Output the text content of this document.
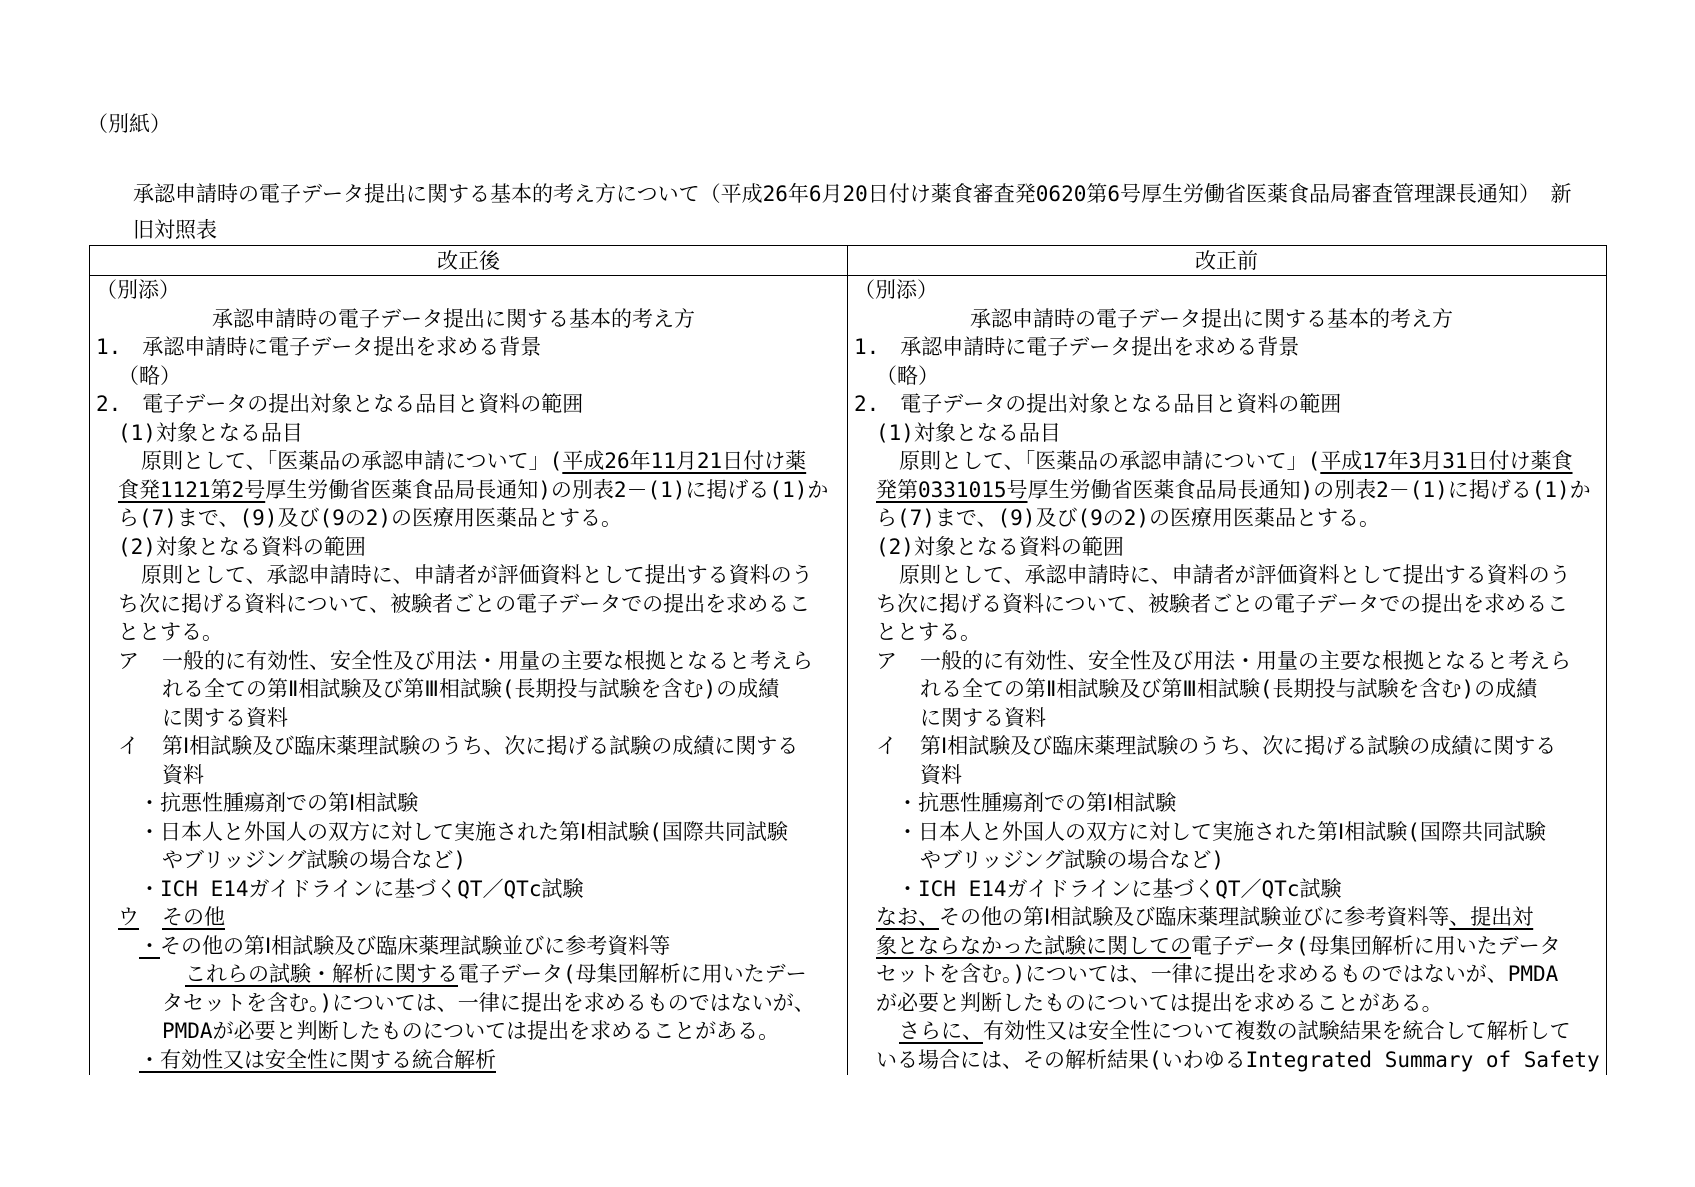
（別紙）
承認申請時の電子データ提出に関する基本的考え方について（平成26年6月20日付け薬食審査発0620第6号厚生労働省医薬食品局審査管理課長通知）　新
旧対照表
改正後	改正前
（別添）
承認申請時の電子データ提出に関する基本的考え方
1.　承認申請時に電子データ提出を求める背景
（略）
2.　電子データの提出対象となる品目と資料の範囲
(1)対象となる品目
原則として、「医薬品の承認申請について」(平成26年11月21日付け薬
食発1121第2号厚生労働省医薬食品局長通知)の別表2－(1)に掲げる(1)か
ら(7)まで、(9)及び(9の2)の医療用医薬品とする。
(2)対象となる資料の範囲
原則として、承認申請時に、申請者が評価資料として提出する資料のう
ち次に掲げる資料について、被験者ごとの電子データでの提出を求めるこ
ととする。
ア 一般的に有効性、安全性及び用法・用量の主要な根拠となると考えら
れる全ての第Ⅱ相試験及び第Ⅲ相試験(長期投与試験を含む)の成績
に関する資料
イ 第Ⅰ相試験及び臨床薬理試験のうち、次に掲げる試験の成績に関する
資料
・抗悪性腫瘍剤での第Ⅰ相試験
・日本人と外国人の双方に対して実施された第Ⅰ相試験(国際共同試験
やブリッジング試験の場合など)
・ICH E14ガイドラインに基づくQT／QTc試験
ウ その他
・その他の第Ⅰ相試験及び臨床薬理試験並びに参考資料等
これらの試験・解析に関する電子データ(母集団解析に用いたデー
タセットを含む。)については、一律に提出を求めるものではないが、
PMDAが必要と判断したものについては提出を求めることがある。
・有効性又は安全性に関する統合解析
（別添）
承認申請時の電子データ提出に関する基本的考え方
1.　承認申請時に電子データ提出を求める背景
（略）
2.　電子データの提出対象となる品目と資料の範囲
(1)対象となる品目
原則として、「医薬品の承認申請について」(平成17年3月31日付け薬食
発第0331015号厚生労働省医薬食品局長通知)の別表2－(1)に掲げる(1)か
ら(7)まで、(9)及び(9の2)の医療用医薬品とする。
(2)対象となる資料の範囲
原則として、承認申請時に、申請者が評価資料として提出する資料のう
ち次に掲げる資料について、被験者ごとの電子データでの提出を求めるこ
ととする。
ア 一般的に有効性、安全性及び用法・用量の主要な根拠となると考えら
れる全ての第Ⅱ相試験及び第Ⅲ相試験(長期投与試験を含む)の成績
に関する資料
イ 第Ⅰ相試験及び臨床薬理試験のうち、次に掲げる試験の成績に関する
資料
・抗悪性腫瘍剤での第Ⅰ相試験
・日本人と外国人の双方に対して実施された第Ⅰ相試験(国際共同試験
やブリッジング試験の場合など)
・ICH E14ガイドラインに基づくQT／QTc試験
なお、その他の第Ⅰ相試験及び臨床薬理試験並びに参考資料等、提出対
象とならなかった試験に関しての電子データ(母集団解析に用いたデータ
セットを含む。)については、一律に提出を求めるものではないが、PMDA
が必要と判断したものについては提出を求めることがある。
さらに、有効性又は安全性について複数の試験結果を統合して解析して
いる場合には、その解析結果(いわゆるIntegrated Summary of Safety
